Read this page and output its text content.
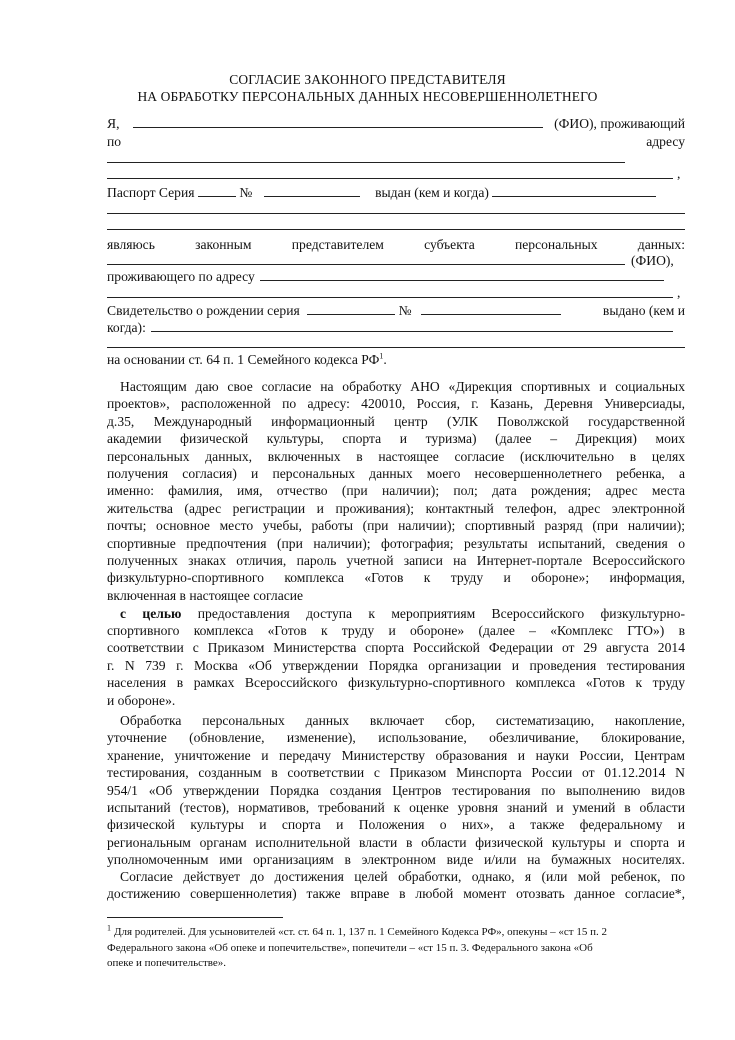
СОГЛАСИЕ ЗАКОННОГО ПРЕДСТАВИТЕЛЯ
НА ОБРАБОТКУ ПЕРСОНАЛЬНЫХ ДАННЫХ НЕСОВЕРШЕННОЛЕТНЕГО
Я,	(ФИО), проживающий
по	адресу
,
Паспорт Серия	№	выдан (кем и когда)
являюсь	законным	представителем	субъекта	персональных	данных:
(ФИО),
проживающего по адресу
,
Свидетельство о рождении серия	№	выдано (кем и
когда):
на основании ст. 64 п. 1 Семейного кодекса $РФ^1$.
Настоящим даю свое согласие на обработку АНО «Дирекция спортивных и социальных
проектов», расположенной по адресу: 420010, Россия, г. Казань, Деревня Универсиады,
д.35, Международный информационный центр (УЛК Поволжской государственной
академии физической культуры, спорта и туризма) (далее – Дирекция) моих
персональных данных, включенных в настоящее согласие (исключительно в целях
получения согласия) и персональных данных моего несовершеннолетнего ребенка, а
именно: фамилия, имя, отчество (при наличии); пол; дата рождения; адрес места
жительства (адрес регистрации и проживания); контактный телефон, адрес электронной
почты; основное место учебы, работы (при наличии); спортивный разряд (при наличии);
спортивные предпочтения (при наличии); фотография; результаты испытаний, сведения о
полученных знаках отличия, пароль учетной записи на Интернет-портале Всероссийского
физкультурно-спортивного комплекса «Готов к труду и обороне»; информация,
включенная в настоящее согласие
с целью предоставления доступа к мероприятиям Всероссийского физкультурно-
спортивного комплекса «Готов к труду и обороне» (далее – «Комплекс ГТО») в
соответствии с Приказом Министерства спорта Российской Федерации от 29 августа 2014
г. N 739 г. Москва «Об утверждении Порядка организации и проведения тестирования
населения в рамках Всероссийского физкультурно-спортивного комплекса «Готов к труду
и обороне».
Обработка персональных данных включает сбор, систематизацию, накопление,
уточнение (обновление, изменение), использование, обезличивание, блокирование,
хранение, уничтожение и передачу Министерству образования и науки России, Центрам
тестирования, созданным в соответствии с Приказом Минспорта России от 01.12.2014 N
954/1 «Об утверждении Порядка создания Центров тестирования по выполнению видов
испытаний (тестов), нормативов, требований к оценке уровня знаний и умений в области
физической культуры и спорта и Положения о них», а также федеральному и
региональным органам исполнительной власти в области физической культуры и спорта и
уполномоченным ими организациям в электронном виде и/или на бумажных носителях.
Согласие действует до достижения целей обработки, однако, я (или мой ребенок, по
достижению совершеннолетия) также вправе в любой момент отозвать данное согласие*,
$^1$ Для родителей. Для усыновителей «ст. ст. 64 п. 1, 137 п. 1 Семейного Кодекса РФ», опекуны – «ст 15 п. 2
Федерального закона «Об опеке и попечительстве», попечители – «ст 15 п. 3. Федерального закона «Об
опеке и попечительстве».
